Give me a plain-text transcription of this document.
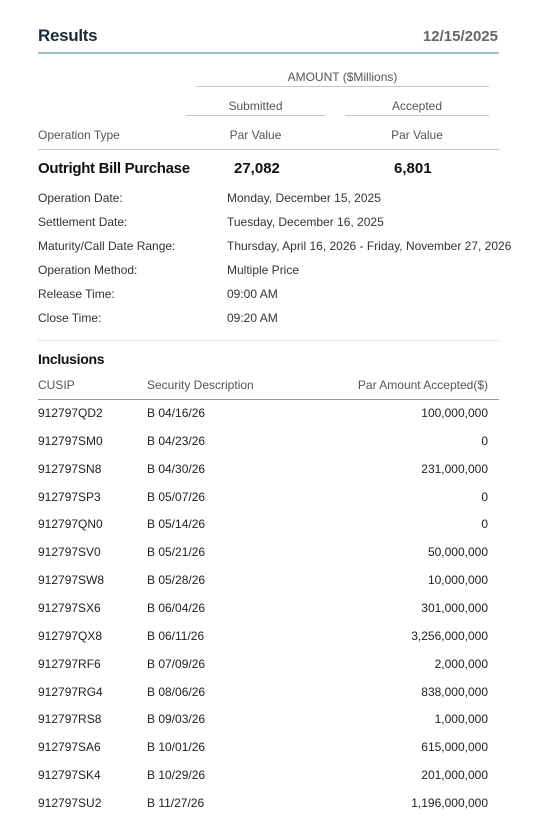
Results	12/15/2025
AMOUNT ($Millions)
Submitted	Accepted
Operation Type	Par Value	Par Value
Outright Bill Purchase	27,082	6,801
Operation Date:	Monday, December 15, 2025
Settlement Date:	Tuesday, December 16, 2025
Maturity/Call Date Range:	Thursday, April 16, 2026 - Friday, November 27, 2026
Operation Method:	Multiple Price
Release Time:	09:00 AM
Close Time:	09:20 AM
Inclusions
CUSIP	Security Description	Par Amount Accepted($)
912797QD2	B 04/16/26	100,000,000
912797SM0	B 04/23/26	0
912797SN8	B 04/30/26	231,000,000
912797SP3	B 05/07/26	0
912797QN0	B 05/14/26	0
912797SV0	B 05/21/26	50,000,000
912797SW8	B 05/28/26	10,000,000
912797SX6	B 06/04/26	301,000,000
912797QX8	B 06/11/26	3,256,000,000
912797RF6	B 07/09/26	2,000,000
912797RG4	B 08/06/26	838,000,000
912797RS8	B 09/03/26	1,000,000
912797SA6	B 10/01/26	615,000,000
912797SK4	B 10/29/26	201,000,000
912797SU2	B 11/27/26	1,196,000,000
